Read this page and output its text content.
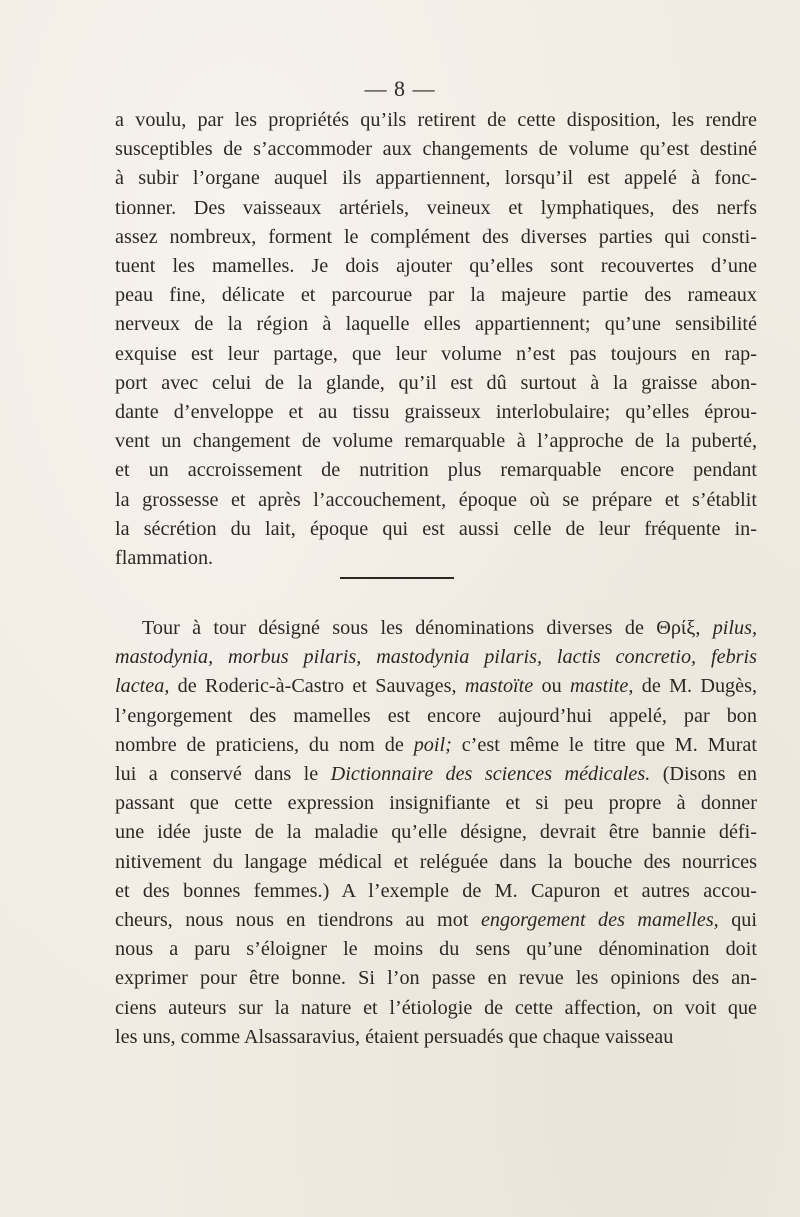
— 8 —
a voulu, par les propriétés qu’ils retirent de cette disposition, les rendre
susceptibles de s’accommoder aux changements de volume qu’est destiné
à subir l’organe auquel ils appartiennent, lorsqu’il est appelé à fonc-
tionner. Des vaisseaux artériels, veineux et lymphatiques, des nerfs
assez nombreux, forment le complément des diverses parties qui consti-
tuent les mamelles. Je dois ajouter qu’elles sont recouvertes d’une
peau fine, délicate et parcourue par la majeure partie des rameaux
nerveux de la région à laquelle elles appartiennent; qu’une sensibilité
exquise est leur partage, que leur volume n’est pas toujours en rap-
port avec celui de la glande, qu’il est dû surtout à la graisse abon-
dante d’enveloppe et au tissu graisseux interlobulaire; qu’elles éprou-
vent un changement de volume remarquable à l’approche de la puberté,
et un accroissement de nutrition plus remarquable encore pendant
la grossesse et après l’accouchement, époque où se prépare et s’établit
la sécrétion du lait, époque qui est aussi celle de leur fréquente in-
flammation.
Tour à tour désigné sous les dénominations diverses de Θρίξ, pilus,
mastodynia, morbus pilaris, mastodynia pilaris, lactis concretio, febris
lactea, de Roderic-à-Castro et Sauvages, mastoïte ou mastite, de M. Dugès,
l’engorgement des mamelles est encore aujourd’hui appelé, par bon
nombre de praticiens, du nom de poil; c’est même le titre que M. Murat
lui a conservé dans le Dictionnaire des sciences médicales. (Disons en
passant que cette expression insignifiante et si peu propre à donner
une idée juste de la maladie qu’elle désigne, devrait être bannie défi-
nitivement du langage médical et reléguée dans la bouche des nourrices
et des bonnes femmes.) A l’exemple de M. Capuron et autres accou-
cheurs, nous nous en tiendrons au mot engorgement des mamelles, qui
nous a paru s’éloigner le moins du sens qu’une dénomination doit
exprimer pour être bonne. Si l’on passe en revue les opinions des an-
ciens auteurs sur la nature et l’étiologie de cette affection, on voit que
les uns, comme Alsassaravius, étaient persuadés que chaque vaisseau
